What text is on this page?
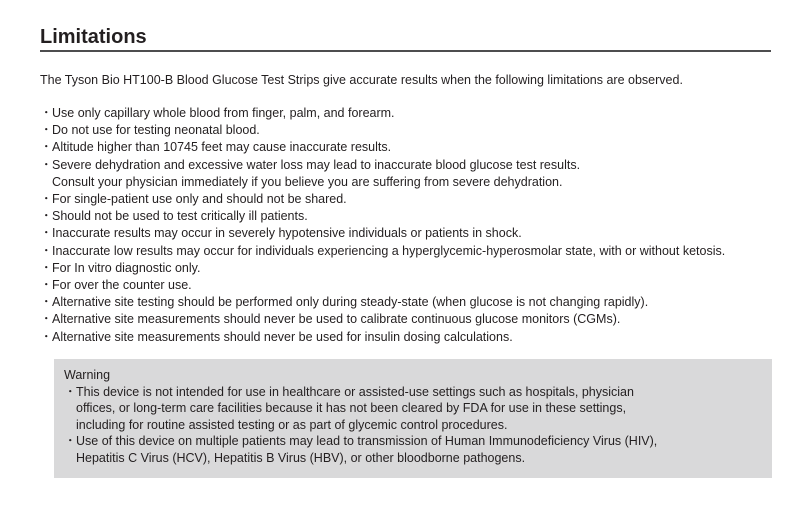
Limitations

The Tyson Bio HT100-B Blood Glucose Test Strips give accurate results when the following limitations are observed.

・Use only capillary whole blood from finger, palm, and forearm.
・Do not use for testing neonatal blood.
・Altitude higher than 10745 feet may cause inaccurate results.
・Severe dehydration and excessive water loss may lead to inaccurate blood glucose test results.
Consult your physician immediately if you believe you are suffering from severe dehydration.
・For single-patient use only and should not be shared.
・Should not be used to test critically ill patients.
・Inaccurate results may occur in severely hypotensive individuals or patients in shock.
・Inaccurate low results may occur for individuals experiencing a hyperglycemic-hyperosmolar state, with or without ketosis.
・For In vitro diagnostic only.
・For over the counter use.
・Alternative site testing should be performed only during steady-state (when glucose is not changing rapidly).
・Alternative site measurements should never be used to calibrate continuous glucose monitors (CGMs).
・Alternative site measurements should never be used for insulin dosing calculations.

Warning

・This device is not intended for use in healthcare or assisted-use settings such as hospitals, physician
offices, or long-term care facilities because it has not been cleared by FDA for use in these settings,
including for routine assisted testing or as part of glycemic control procedures.
・Use of this device on multiple patients may lead to transmission of Human Immunodeficiency Virus (HIV),
Hepatitis C Virus (HCV), Hepatitis B Virus (HBV), or other bloodborne pathogens.
